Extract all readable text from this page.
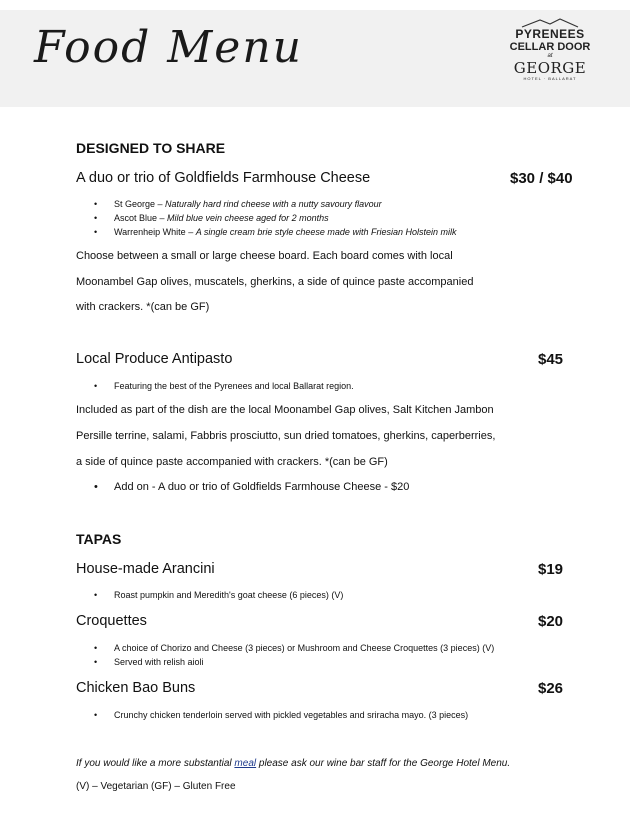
Food Menu	PYRENEES
CELLAR DOOR
at
GEORGE
HOTEL · BALLARAT
DESIGNED TO SHARE
A duo or trio of Goldfields Farmhouse Cheese	$30 / $40
• St George – Naturally hard rind cheese with a nutty savoury flavour
• Ascot Blue – Mild blue vein cheese aged for 2 months
• Warrenheip White – A single cream brie style cheese made with Friesian Holstein milk
Choose between a small or large cheese board. Each board comes with local
Moonambel Gap olives, muscatels, gherkins, a side of quince paste accompanied
with crackers. *(can be GF)
Local Produce Antipasto	$45
• Featuring the best of the Pyrenees and local Ballarat region.
Included as part of the dish are the local Moonambel Gap olives, Salt Kitchen Jambon
Persille terrine, salami, Fabbris prosciutto, sun dried tomatoes, gherkins, caperberries,
a side of quince paste accompanied with crackers. *(can be GF)
• Add on - A duo or trio of Goldfields Farmhouse Cheese - $20
TAPAS
House-made Arancini	$19
• Roast pumpkin and Meredith's goat cheese (6 pieces) (V)
Croquettes	$20
• A choice of Chorizo and Cheese (3 pieces) or Mushroom and Cheese Croquettes (3 pieces) (V)
• Served with relish aioli
Chicken Bao Buns	$26
• Crunchy chicken tenderloin served with pickled vegetables and sriracha mayo. (3 pieces)
If you would like a more substantial meal please ask our wine bar staff for the George Hotel Menu.
(V) – Vegetarian (GF) – Gluten Free
